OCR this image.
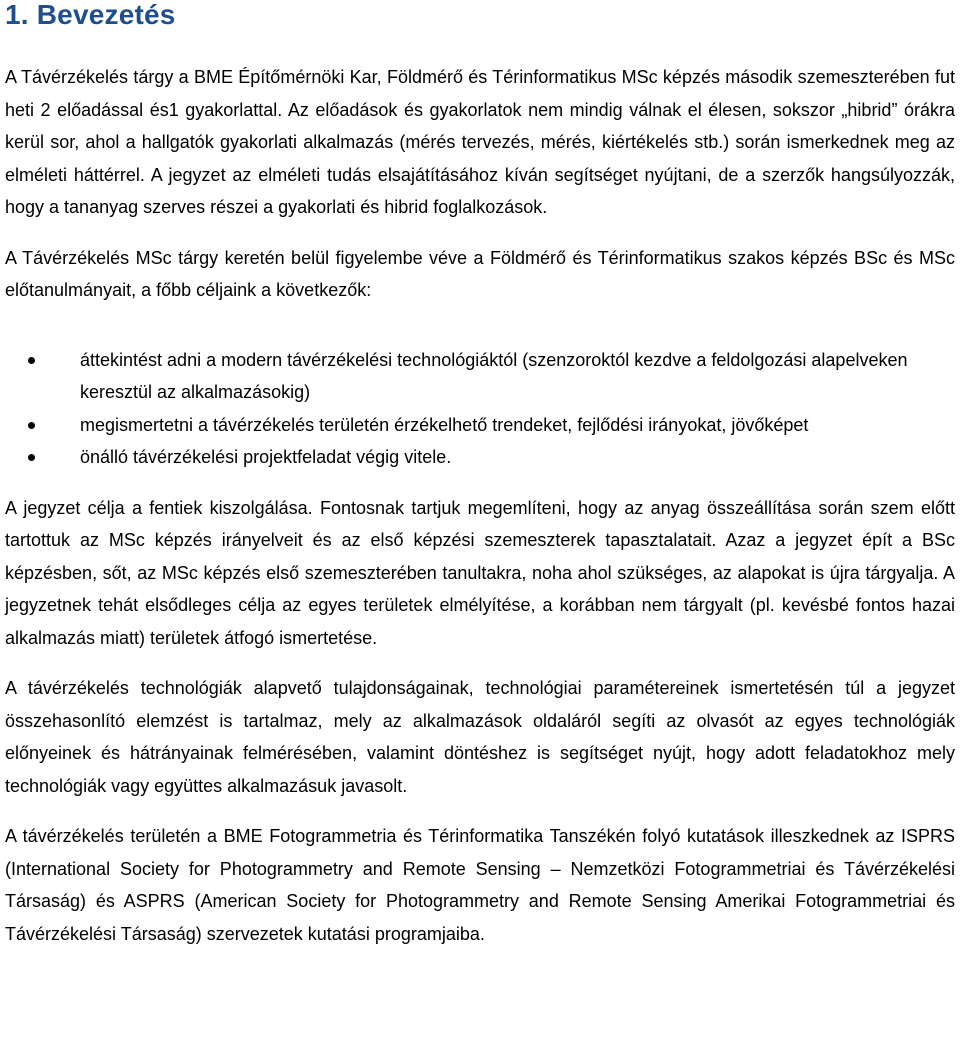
1. Bevezetés

A Távérzékelés tárgy a BME Építőmérnöki Kar, Földmérő és Térinformatikus MSc képzés második szemeszterében fut heti 2 előadással és1 gyakorlattal. Az előadások és gyakorlatok nem mindig válnak el élesen, sokszor „hibrid” órákra kerül sor, ahol a hallgatók gyakorlati alkalmazás (mérés tervezés, mérés, kiértékelés stb.) során ismerkednek meg az elméleti háttérrel. A jegyzet az elméleti tudás elsajátításához kíván segítséget nyújtani, de a szerzők hangsúlyozzák, hogy a tananyag szerves részei a gyakorlati és hibrid foglalkozások.

A Távérzékelés MSc tárgy keretén belül figyelembe véve a Földmérő és Térinformatikus szakos képzés BSc és MSc előtanulmányait, a főbb céljaink a következők:

áttekintést adni a modern távérzékelési technológiáktól (szenzoroktól kezdve a feldolgozási alapelveken keresztül az alkalmazásokig)
megismertetni a távérzékelés területén érzékelhető trendeket, fejlődési irányokat, jövőképet
önálló távérzékelési projektfeladat végig vitele.

A jegyzet célja a fentiek kiszolgálása. Fontosnak tartjuk megemlíteni, hogy az anyag összeállítása során szem előtt tartottuk az MSc képzés irányelveit és az első képzési szemeszterek tapasztalatait. Azaz a jegyzet épít a BSc képzésben, sőt, az MSc képzés első szemeszterében tanultakra, noha ahol szükséges, az alapokat is újra tárgyalja. A jegyzetnek tehát elsődleges célja az egyes területek elmélyítése, a korábban nem tárgyalt (pl. kevésbé fontos hazai alkalmazás miatt) területek átfogó ismertetése.

A távérzékelés technológiák alapvető tulajdonságainak, technológiai paramétereinek ismertetésén túl a jegyzet összehasonlító elemzést is tartalmaz, mely az alkalmazások oldaláról segíti az olvasót az egyes technológiák előnyeinek és hátrányainak felmérésében, valamint döntéshez is segítséget nyújt, hogy adott feladatokhoz mely technológiák vagy együttes alkalmazásuk javasolt.

A távérzékelés területén a BME Fotogrammetria és Térinformatika Tanszékén folyó kutatások illeszkednek az ISPRS (International Society for Photogrammetry and Remote Sensing – Nemzetközi Fotogrammetriai és Távérzékelési Társaság) és ASPRS (American Society for Photogrammetry and Remote Sensing Amerikai Fotogrammetriai és Távérzékelési Társaság) szervezetek kutatási programjaiba.
